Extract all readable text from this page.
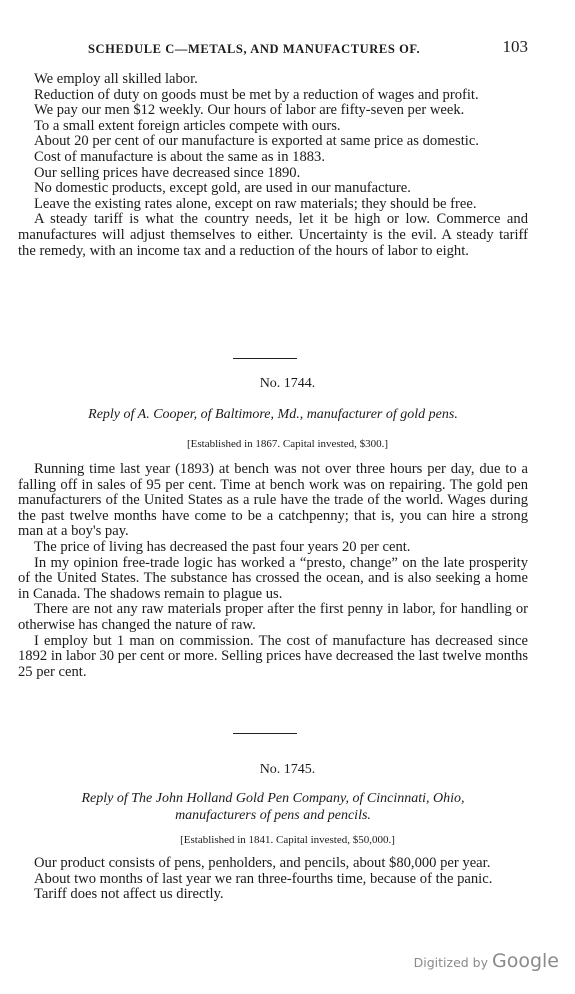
SCHEDULE C—METALS, AND MANUFACTURES OF.	103

We employ all skilled labor.

Reduction of duty on goods must be met by a reduction of wages and profit.

We pay our men $12 weekly. Our hours of labor are fifty-seven per week.

To a small extent foreign articles compete with ours.

About 20 per cent of our manufacture is exported at same price as domestic.

Cost of manufacture is about the same as in 1883.

Our selling prices have decreased since 1890.

No domestic products, except gold, are used in our manufacture.

Leave the existing rates alone, except on raw materials; they should be free.

A steady tariff is what the country needs, let it be high or low. Commerce and manufactures will adjust themselves to either. Uncertainty is the evil. A steady tariff the remedy, with an income tax and a reduction of the hours of labor to eight.

No. 1744.
Reply of A. Cooper, of Baltimore, Md., manufacturer of gold pens.
[Established in 1867. Capital invested, $300.]

Running time last year (1893) at bench was not over three hours per day, due to a falling off in sales of 95 per cent. Time at bench work was on repairing. The gold pen manufacturers of the United States as a rule have the trade of the world. Wages during the past twelve months have come to be a catchpenny; that is, you can hire a strong man at a boy's pay.

The price of living has decreased the past four years 20 per cent.

In my opinion free-trade logic has worked a “presto, change” on the late prosperity of the United States. The substance has crossed the ocean, and is also seeking a home in Canada. The shadows remain to plague us.

There are not any raw materials proper after the first penny in labor, for handling or otherwise has changed the nature of raw.

I employ but 1 man on commission. The cost of manufacture has decreased since 1892 in labor 30 per cent or more. Selling prices have decreased the last twelve months 25 per cent.

No. 1745.
Reply of The John Holland Gold Pen Company, of Cincinnati, Ohio,
manufacturers of pens and pencils.
[Established in 1841. Capital invested, $50,000.]

Our product consists of pens, penholders, and pencils, about $80,000 per year.

About two months of last year we ran three-fourths time, because of the panic.

Tariff does not affect us directly.

Digitized by Google
